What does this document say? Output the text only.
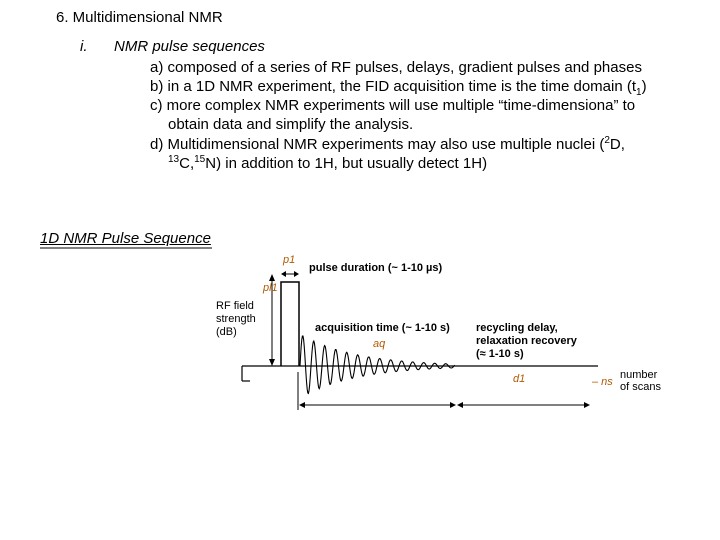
6. Multidimensional NMR
i. NMR pulse sequences
a) composed of a series of RF pulses, delays, gradient pulses and phases
b) in a 1D NMR experiment, the FID acquisition time is the time domain $(t_1)$
c) more complex NMR experiments will use multiple “time-dimensiona” to
obtain data and simplify the analysis.
d) Multidimensional NMR experiments may also use multiple nuclei ($^2$D,
$^{13}$C,$^{15}$N) in addition to 1H, but usually detect 1H)
1D NMR Pulse Sequence
p1
pl1
RF field
strength
(dB)
pulse duration (~ 1-10 µs)
acquisition time (~ 1-10 s)
aq
recycling delay,
relaxation recovery
(≈ 1-10 s)
d1	– ns
number
of scans
